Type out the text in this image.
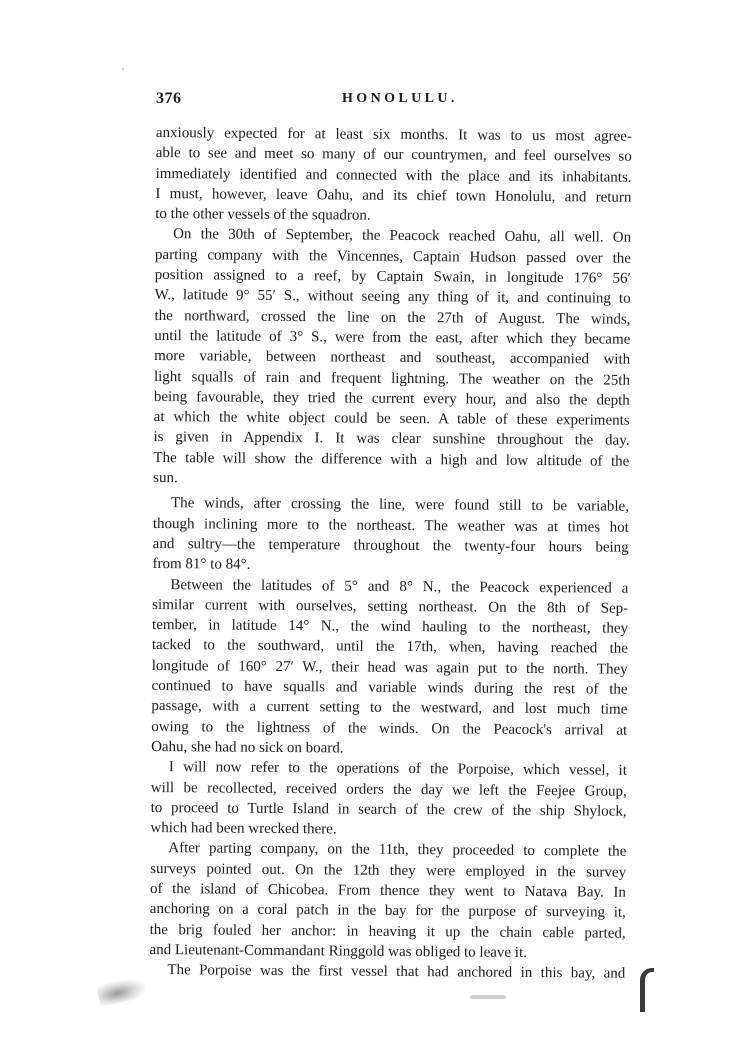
376	HONOLULU.

anxiously expected for at least six months. It was to us most agree-
able to see and meet so many of our countrymen, and feel ourselves so
immediately identified and connected with the place and its inhabitants.
I must, however, leave Oahu, and its chief town Honolulu, and return
to the other vessels of the squadron.

On the 30th of September, the Peacock reached Oahu, all well. On
parting company with the Vincennes, Captain Hudson passed over the
position assigned to a reef, by Captain Swain, in longitude 176° 56′
W., latitude 9° 55′ S., without seeing any thing of it, and continuing to
the northward, crossed the line on the 27th of August. The winds,
until the latitude of 3° S., were from the east, after which they became
more variable, between northeast and southeast, accompanied with
light squalls of rain and frequent lightning. The weather on the 25th
being favourable, they tried the current every hour, and also the depth
at which the white object could be seen. A table of these experiments
is given in Appendix I. It was clear sunshine throughout the day.
The table will show the difference with a high and low altitude of the
sun.

The winds, after crossing the line, were found still to be variable,
though inclining more to the northeast. The weather was at times hot
and sultry—the temperature throughout the twenty-four hours being
from 81° to 84°.

Between the latitudes of 5° and 8° N., the Peacock experienced a
similar current with ourselves, setting northeast. On the 8th of Sep-
tember, in latitude 14° N., the wind hauling to the northeast, they
tacked to the southward, until the 17th, when, having reached the
longitude of 160° 27′ W., their head was again put to the north. They
continued to have squalls and variable winds during the rest of the
passage, with a current setting to the westward, and lost much time
owing to the lightness of the winds. On the Peacock's arrival at
Oahu, she had no sick on board.

I will now refer to the operations of the Porpoise, which vessel, it
will be recollected, received orders the day we left the Feejee Group,
to proceed to Turtle Island in search of the crew of the ship Shylock,
which had been wrecked there.

After parting company, on the 11th, they proceeded to complete the
surveys pointed out. On the 12th they were employed in the survey
of the island of Chicobea. From thence they went to Natava Bay. In
anchoring on a coral patch in the bay for the purpose of surveying it,
the brig fouled her anchor: in heaving it up the chain cable parted,
and Lieutenant-Commandant Ringgold was obliged to leave it.

The Porpoise was the first vessel that had anchored in this bay, and
